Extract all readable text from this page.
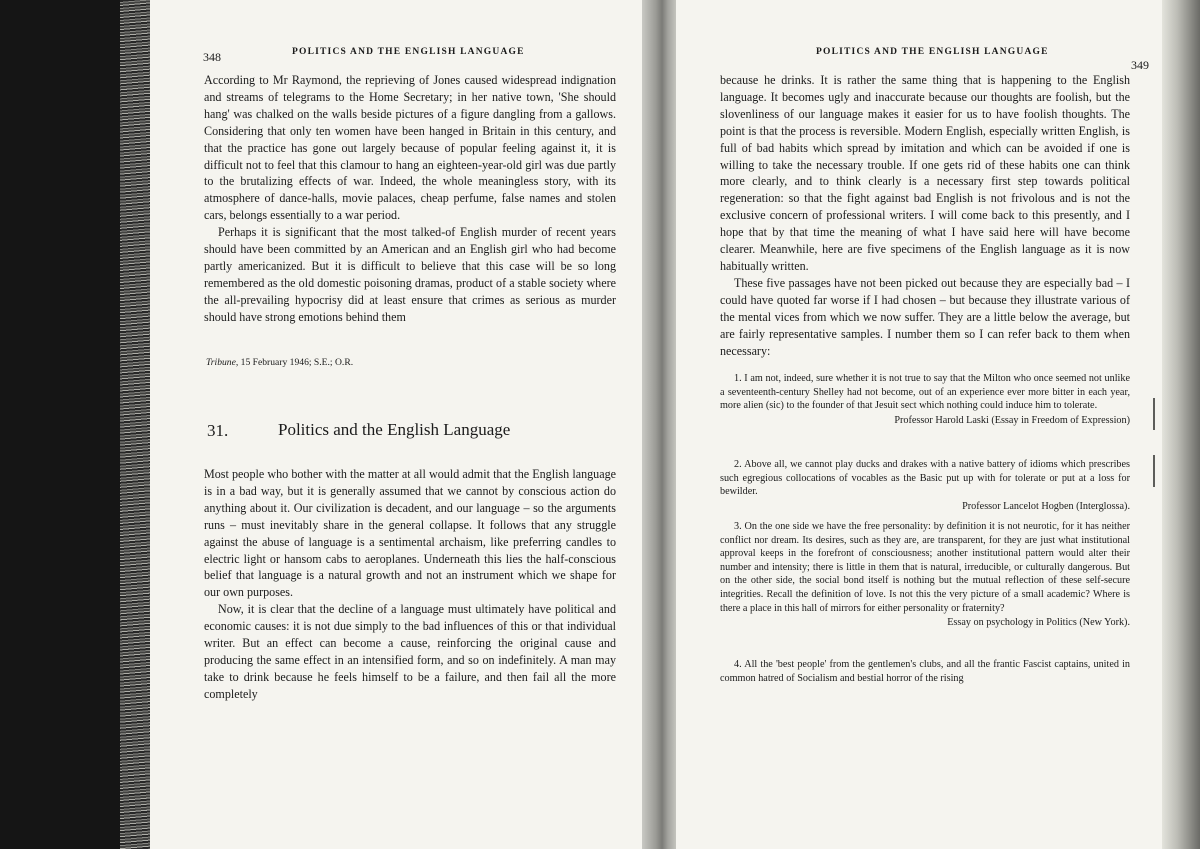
348	POLITICS AND THE ENGLISH LANGUAGE

According to Mr Raymond, the reprieving of Jones caused widespread indignation and streams of telegrams to the Home Secretary; in her native town, 'She should hang' was chalked on the walls beside pictures of a figure dangling from a gallows. Considering that only ten women have been hanged in Britain in this century, and that the practice has gone out largely because of popular feeling against it, it is difficult not to feel that this clamour to hang an eighteen-year-old girl was due partly to the brutalizing effects of war. Indeed, the whole meaningless story, with its atmosphere of dance-halls, movie palaces, cheap perfume, false names and stolen cars, belongs essentially to a war period.

Perhaps it is significant that the most talked-of English murder of recent years should have been committed by an American and an English girl who had become partly americanized. But it is difficult to believe that this case will be so long remembered as the old domestic poisoning dramas, product of a stable society where the all-prevailing hypocrisy did at least ensure that crimes as serious as murder should have strong emotions behind them

Tribune, 15 February 1946; S.E.; O.R.
31.	Politics and the English Language

Most people who bother with the matter at all would admit that the English language is in a bad way, but it is generally assumed that we cannot by conscious action do anything about it. Our civilization is decadent, and our language – so the arguments runs – must inevitably share in the general collapse. It follows that any struggle against the abuse of language is a sentimental archaism, like preferring candles to electric light or hansom cabs to aeroplanes. Underneath this lies the half-conscious belief that language is a natural growth and not an instrument which we shape for our own purposes.

Now, it is clear that the decline of a language must ultimately have political and economic causes: it is not due simply to the bad influences of this or that individual writer. But an effect can become a cause, reinforcing the original cause and producing the same effect in an intensified form, and so on indefinitely. A man may take to drink because he feels himself to be a failure, and then fail all the more completely

POLITICS AND THE ENGLISH LANGUAGE
349

because he drinks. It is rather the same thing that is happening to the English language. It becomes ugly and inaccurate because our thoughts are foolish, but the slovenliness of our language makes it easier for us to have foolish thoughts. The point is that the process is reversible. Modern English, especially written English, is full of bad habits which spread by imitation and which can be avoided if one is willing to take the necessary trouble. If one gets rid of these habits one can think more clearly, and to think clearly is a necessary first step towards political regeneration: so that the fight against bad English is not frivolous and is not the exclusive concern of professional writers. I will come back to this presently, and I hope that by that time the meaning of what I have said here will have become clearer. Meanwhile, here are five specimens of the English language as it is now habitually written.

These five passages have not been picked out because they are especially bad – I could have quoted far worse if I had chosen – but because they illustrate various of the mental vices from which we now suffer. They are a little below the average, but are fairly representative samples. I number them so I can refer back to them when necessary:

1. I am not, indeed, sure whether it is not true to say that the Milton who once seemed not unlike a seventeenth-century Shelley had not become, out of an experience ever more bitter in each year, more alien (sic) to the founder of that Jesuit sect which nothing could induce him to tolerate.

Professor Harold Laski (Essay in Freedom of Expression)

2. Above all, we cannot play ducks and drakes with a native battery of idioms which prescribes such egregious collocations of vocables as the Basic put up with for tolerate or put at a loss for bewilder.

Professor Lancelot Hogben (Interglossa).

3. On the one side we have the free personality: by definition it is not neurotic, for it has neither conflict nor dream. Its desires, such as they are, are transparent, for they are just what institutional approval keeps in the forefront of consciousness; another institutional pattern would alter their number and intensity; there is little in them that is natural, irreducible, or culturally dangerous. But on the other side, the social bond itself is nothing but the mutual reflection of these self-secure integrities. Recall the definition of love. Is not this the very picture of a small academic? Where is there a place in this hall of mirrors for either personality or fraternity?

Essay on psychology in Politics (New York).

4. All the 'best people' from the gentlemen's clubs, and all the frantic Fascist captains, united in common hatred of Socialism and bestial horror of the rising
